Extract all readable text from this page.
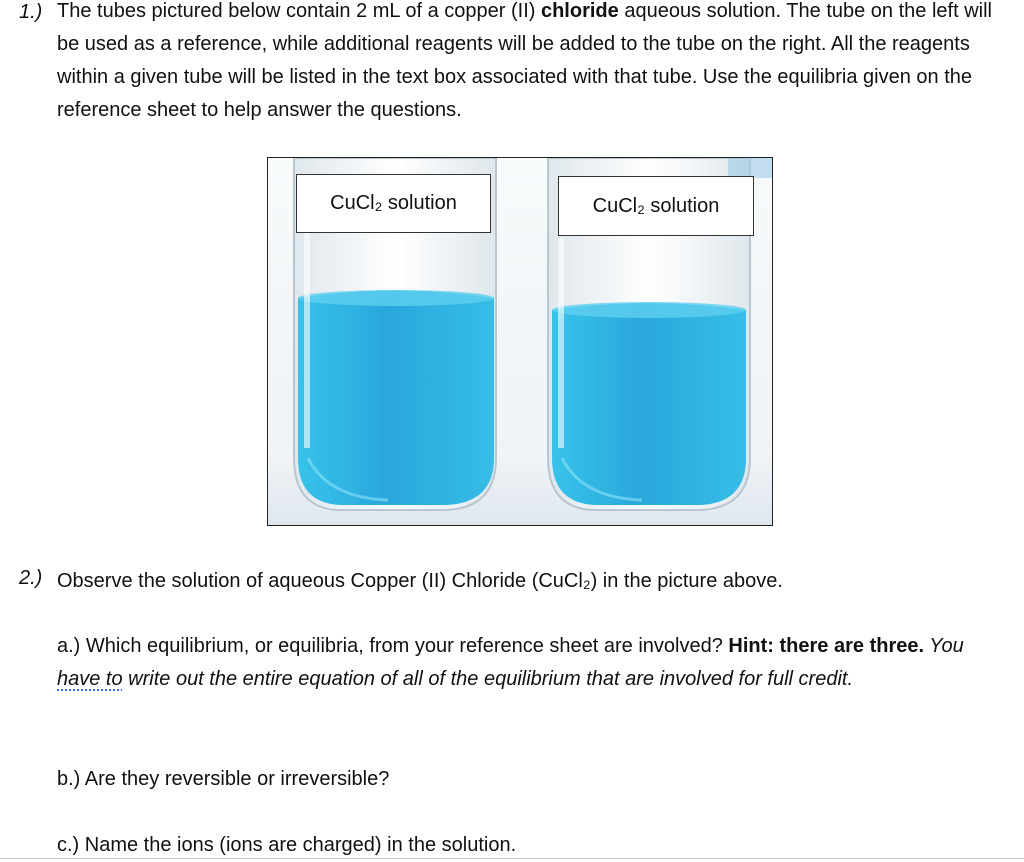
1.) The tubes pictured below contain 2 mL of a copper (II) chloride aqueous solution. The tube on the left will be used as a reference, while additional reagents will be added to the tube on the right. All the reagents within a given tube will be listed in the text box associated with that tube. Use the equilibria given on the reference sheet to help answer the questions.
CuCl₂ solution	CuCl₂ solution
2.) Observe the solution of aqueous Copper (II) Chloride (CuCl₂) in the picture above.
a.) Which equilibrium, or equilibria, from your reference sheet are involved? Hint: there are three. You have to write out the entire equation of all of the equilibrium that are involved for full credit.
b.) Are they reversible or irreversible?
c.) Name the ions (ions are charged) in the solution.
